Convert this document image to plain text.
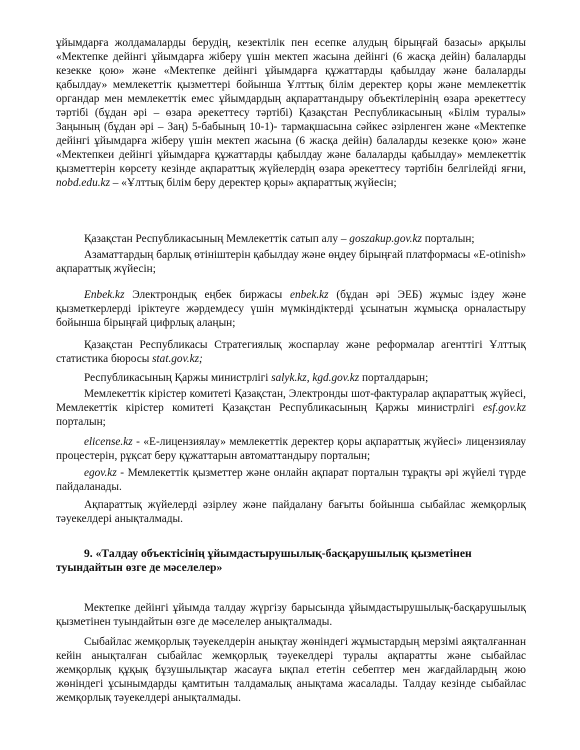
ұйымдарға жолдамаларды берудің, кезектілік пен есепке алудың бірыңғай базасы» арқылы «Мектепке дейінгі ұйымдарға жіберу үшін мектеп жасына дейінгі (6 жасқа дейін) балаларды кезекке қою» және «Мектепке дейінгі ұйымдарға құжаттарды қабылдау және балаларды қабылдау» мемлекеттік қызметтері бойынша Ұлттық білім деректер қоры және мемлекеттік органдар мен мемлекеттік емес ұйымдардың ақпараттандыру объектілерінің өзара әрекеттесу тәртібі (бұдан әрі – өзара әрекеттесу тәртібі) Қазақстан Республикасының «Білім туралы» Заңының (бұдан әрі – Заң) 5-бабының 10-1)- тармақшасына сәйкес әзірленген және «Мектепке дейінгі ұйымдарға жіберу үшін мектеп жасына (6 жасқа дейін) балаларды кезекке қою» және «Мектепкеи дейінгі ұйымдарға құжаттарды қабылдау және балаларды қабылдау» мемлекеттік қызметтерін көрсету кезінде ақпараттық жүйелердің өзара әрекеттесу тәртібін белгілейді яғни, nobd.edu.kz – «Ұлттық білім беру деректер қоры» ақпараттық жүйесін;

Қазақстан Республикасының Мемлекеттік сатып алу – goszakup.gov.kz порталын;

Азаматтардың барлық өтініштерін қабылдау және өңдеу бірыңғай платформасы «E-otinish» ақпараттық жүйесін;

Enbek.kz Электрондық еңбек биржасы enbek.kz (бұдан әрі ЭЕБ) жұмыс іздеу және қызметкерлерді іріктеуге жәрдемдесу үшін мүмкіндіктерді ұсынатын жұмысқа орналастыру бойынша бірыңғай цифрлық алаңын;

Қазақстан Республикасы Стратегиялық жоспарлау және реформалар агенттігі Ұлттық статистика бюросы stat.gov.kz;

Республикасының Қаржы министрлігі salyk.kz, kgd.gov.kz порталдарын;

Мемлекеттік кірістер комитеті Қазақстан, Электронды шот-фактуралар ақпараттық жүйесі, Мемлекеттік кірістер комитеті Қазақстан Республикасының Қаржы министрлігі esf.gov.kz порталын;

elicense.kz - «Е-лицензиялау» мемлекеттік деректер қоры ақпараттық жүйесі» лицензиялау процестерін, рұқсат беру құжаттарын автоматтандыру порталын;

egov.kz - Мемлекеттік қызметтер және онлайн ақпарат порталын тұрақты әрі жүйелі түрде пайдаланады.

Ақпараттық жүйелерді әзірлеу және пайдалану бағыты бойынша сыбайлас жемқорлық тәуекелдері анықталмады.

9. «Талдау объектісінің ұйымдастырушылық-басқарушылық қызметінен туындайтын өзге де мәселелер»

Мектепке дейінгі ұйымда талдау жүргізу барысында ұйымдастырушылық-басқарушылық қызметінен туындайтын өзге де мәселелер анықталмады.

Сыбайлас жемқорлық тәуекелдерін анықтау жөніндегі жұмыстардың мерзімі аяқталғаннан кейін анықталған сыбайлас жемқорлық тәуекелдері туралы ақпаратты және сыбайлас жемқорлық құқық бұзушылықтар жасауға ықпал ететін себептер мен жағдайлардың жою жөніндегі ұсынымдарды қамтитын талдамалық анықтама жасалады. Талдау кезінде сыбайлас жемқорлық тәуекелдері анықталмады.
